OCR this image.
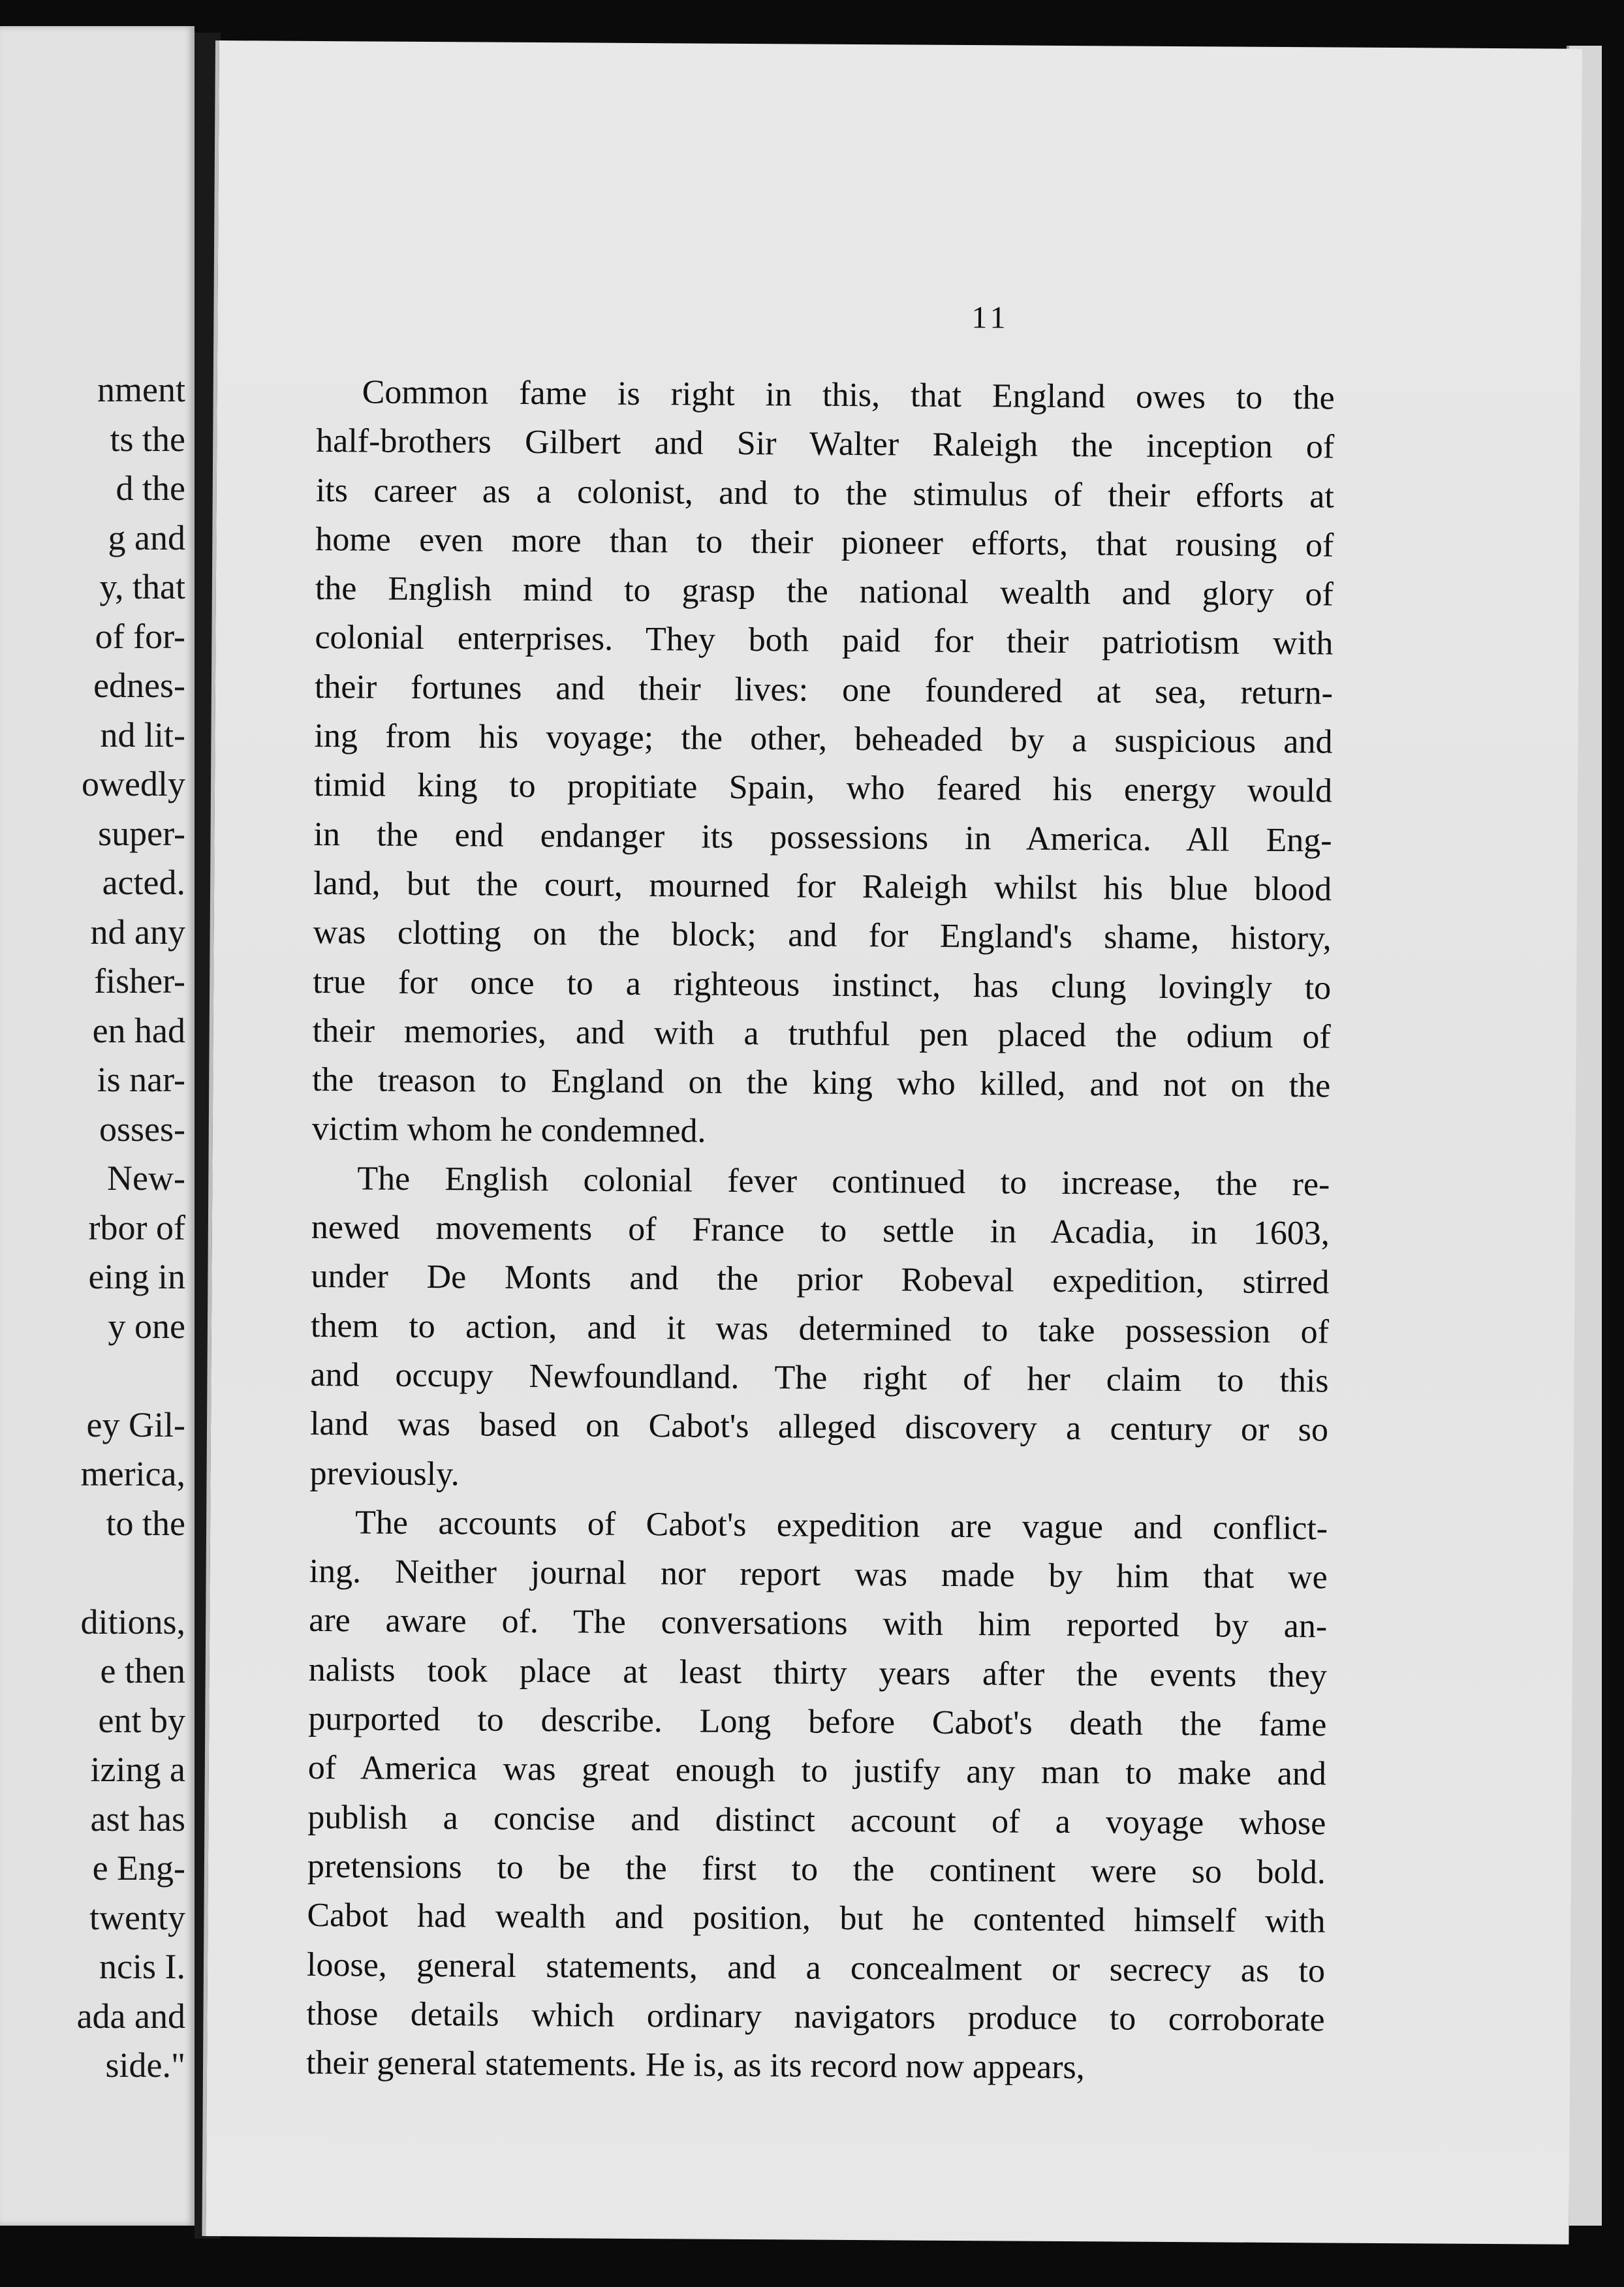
nment
ts the
d the
g and
y, that
of for-
ednes-
nd lit-
owedly
super-
acted.
nd any
fisher-
en had
is nar-
osses-
New-
rbor of
eing in
y one
ey Gil-
merica,
to the
ditions,
e then
ent by
izing a
ast has
e Eng-
twenty
ncis I.
ada and
side."
11
Common fame is right in this, that England owes to the
half-brothers Gilbert and Sir Walter Raleigh the inception of
its career as a colonist, and to the stimulus of their efforts at
home even more than to their pioneer efforts, that rousing of
the English mind to grasp the national wealth and glory of
colonial enterprises. They both paid for their patriotism with
their fortunes and their lives: one foundered at sea, return-
ing from his voyage; the other, beheaded by a suspicious and
timid king to propitiate Spain, who feared his energy would
in the end endanger its possessions in America. All Eng-
land, but the court, mourned for Raleigh whilst his blue blood
was clotting on the block; and for England's shame, history,
true for once to a righteous instinct, has clung lovingly to
their memories, and with a truthful pen placed the odium of
the treason to England on the king who killed, and not on the
victim whom he condemned.
The English colonial fever continued to increase, the re-
newed movements of France to settle in Acadia, in 1603,
under De Monts and the prior Robeval expedition, stirred
them to action, and it was determined to take possession of
and occupy Newfoundland. The right of her claim to this
land was based on Cabot's alleged discovery a century or so
previously.
The accounts of Cabot's expedition are vague and conflict-
ing. Neither journal nor report was made by him that we
are aware of. The conversations with him reported by an-
nalists took place at least thirty years after the events they
purported to describe. Long before Cabot's death the fame
of America was great enough to justify any man to make and
publish a concise and distinct account of a voyage whose
pretensions to be the first to the continent were so bold.
Cabot had wealth and position, but he contented himself with
loose, general statements, and a concealment or secrecy as to
those details which ordinary navigators produce to corroborate
their general statements. He is, as its record now appears,
